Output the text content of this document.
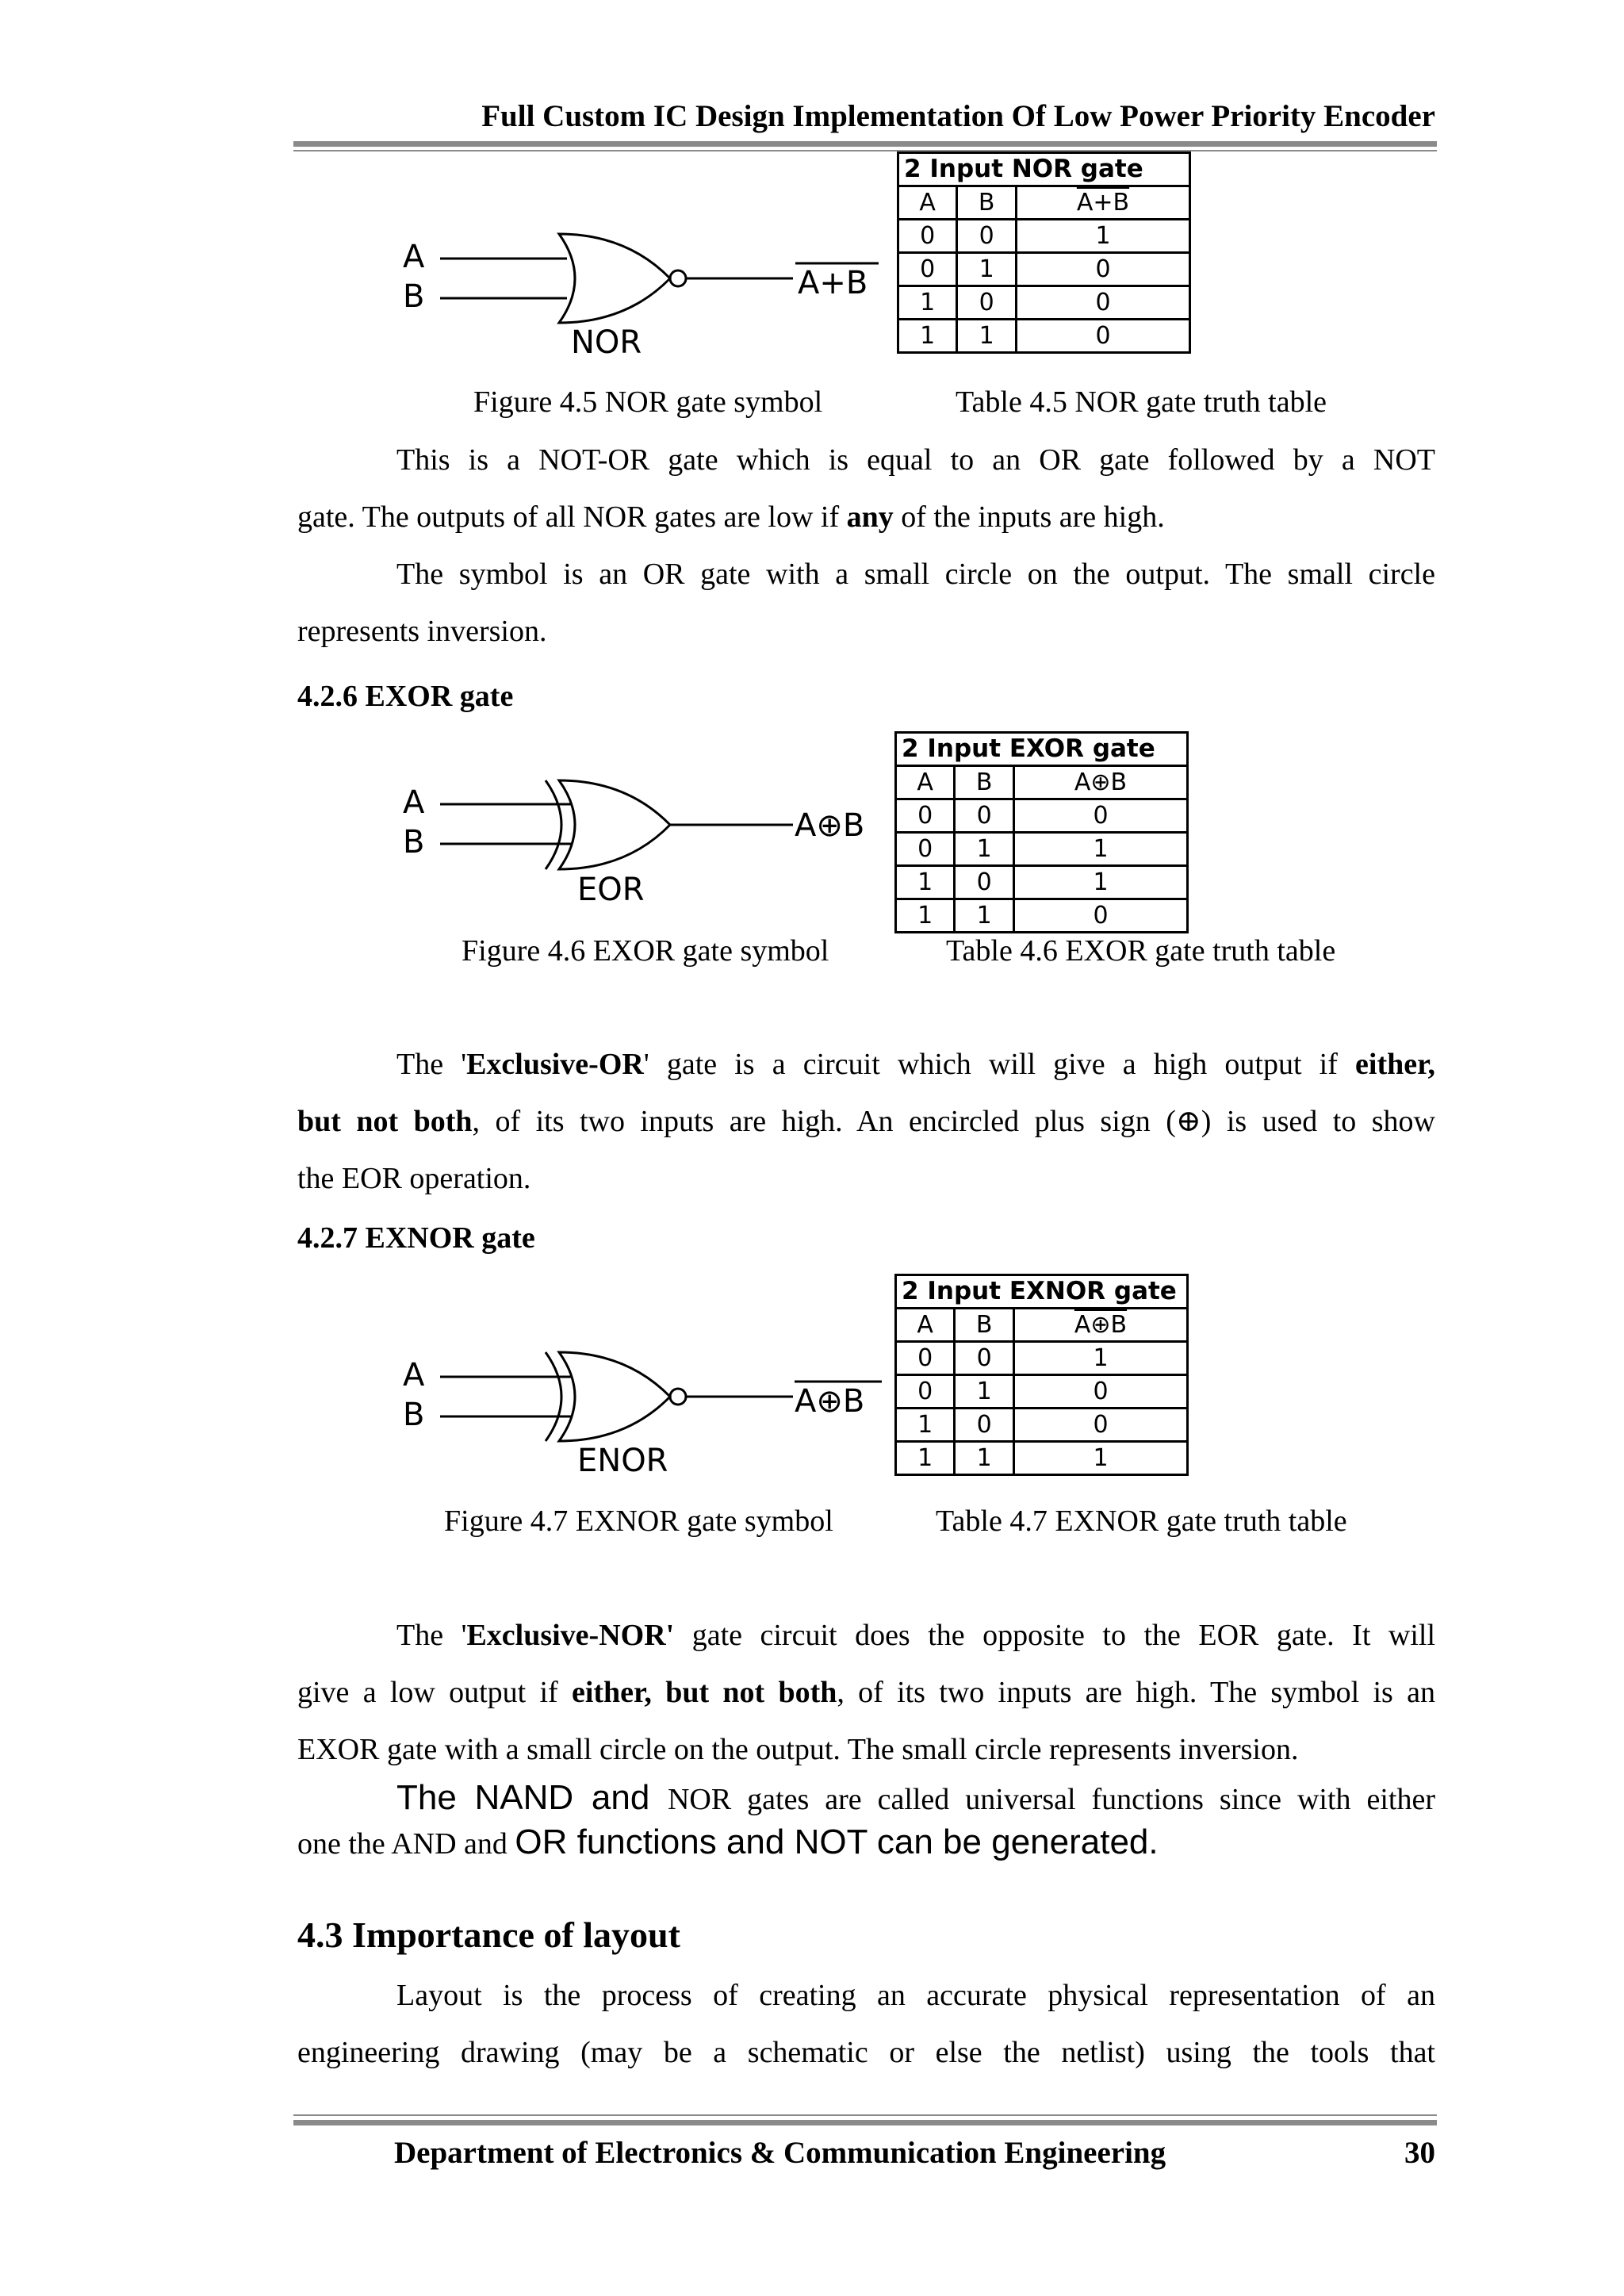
Full Custom IC Design Implementation Of Low Power Priority Encoder
A
B	A+B
NOR
2 Input NOR gate		
A	B	A+B
0	0	1
0	1	0
1	0	0
1	1	0
Figure 4.5 NOR gate symbol	Table 4.5 NOR gate truth table
This is a NOT-OR gate which is equal to an OR gate followed by a NOT
gate. The outputs of all NOR gates are low if any of the inputs are high.
The symbol is an OR gate with a small circle on the output. The small circle
represents inversion.
4.2.6 EXOR gate
A
B	A⊕B
EOR
2 Input EXOR gate		
A	B	A⊕B
0	0	0
0	1	1
1	0	1
1	1	0
Figure 4.6 EXOR gate symbol	Table 4.6 EXOR gate truth table
The 'Exclusive-OR' gate is a circuit which will give a high output if either,
but not both, of its two inputs are high. An encircled plus sign (⊕) is used to show
the EOR operation.
4.2.7 EXNOR gate
A
B	A⊕B
ENOR
2 Input EXNOR gate		
A	B	A⊕B
0	0	1
0	1	0
1	0	0
1	1	1
Figure 4.7 EXNOR gate symbol	Table 4.7 EXNOR gate truth table
The 'Exclusive-NOR' gate circuit does the opposite to the EOR gate. It will
give a low output if either, but not both, of its two inputs are high. The symbol is an
EXOR gate with a small circle on the output. The small circle represents inversion.
The NAND and NOR gates are called universal functions since with either
one the AND and OR functions and NOT can be generated.
4.3 Importance of layout
Layout is the process of creating an accurate physical representation of an
engineering drawing (may be a schematic or else the netlist) using the tools that
Department of Electronics & Communication Engineering	30
